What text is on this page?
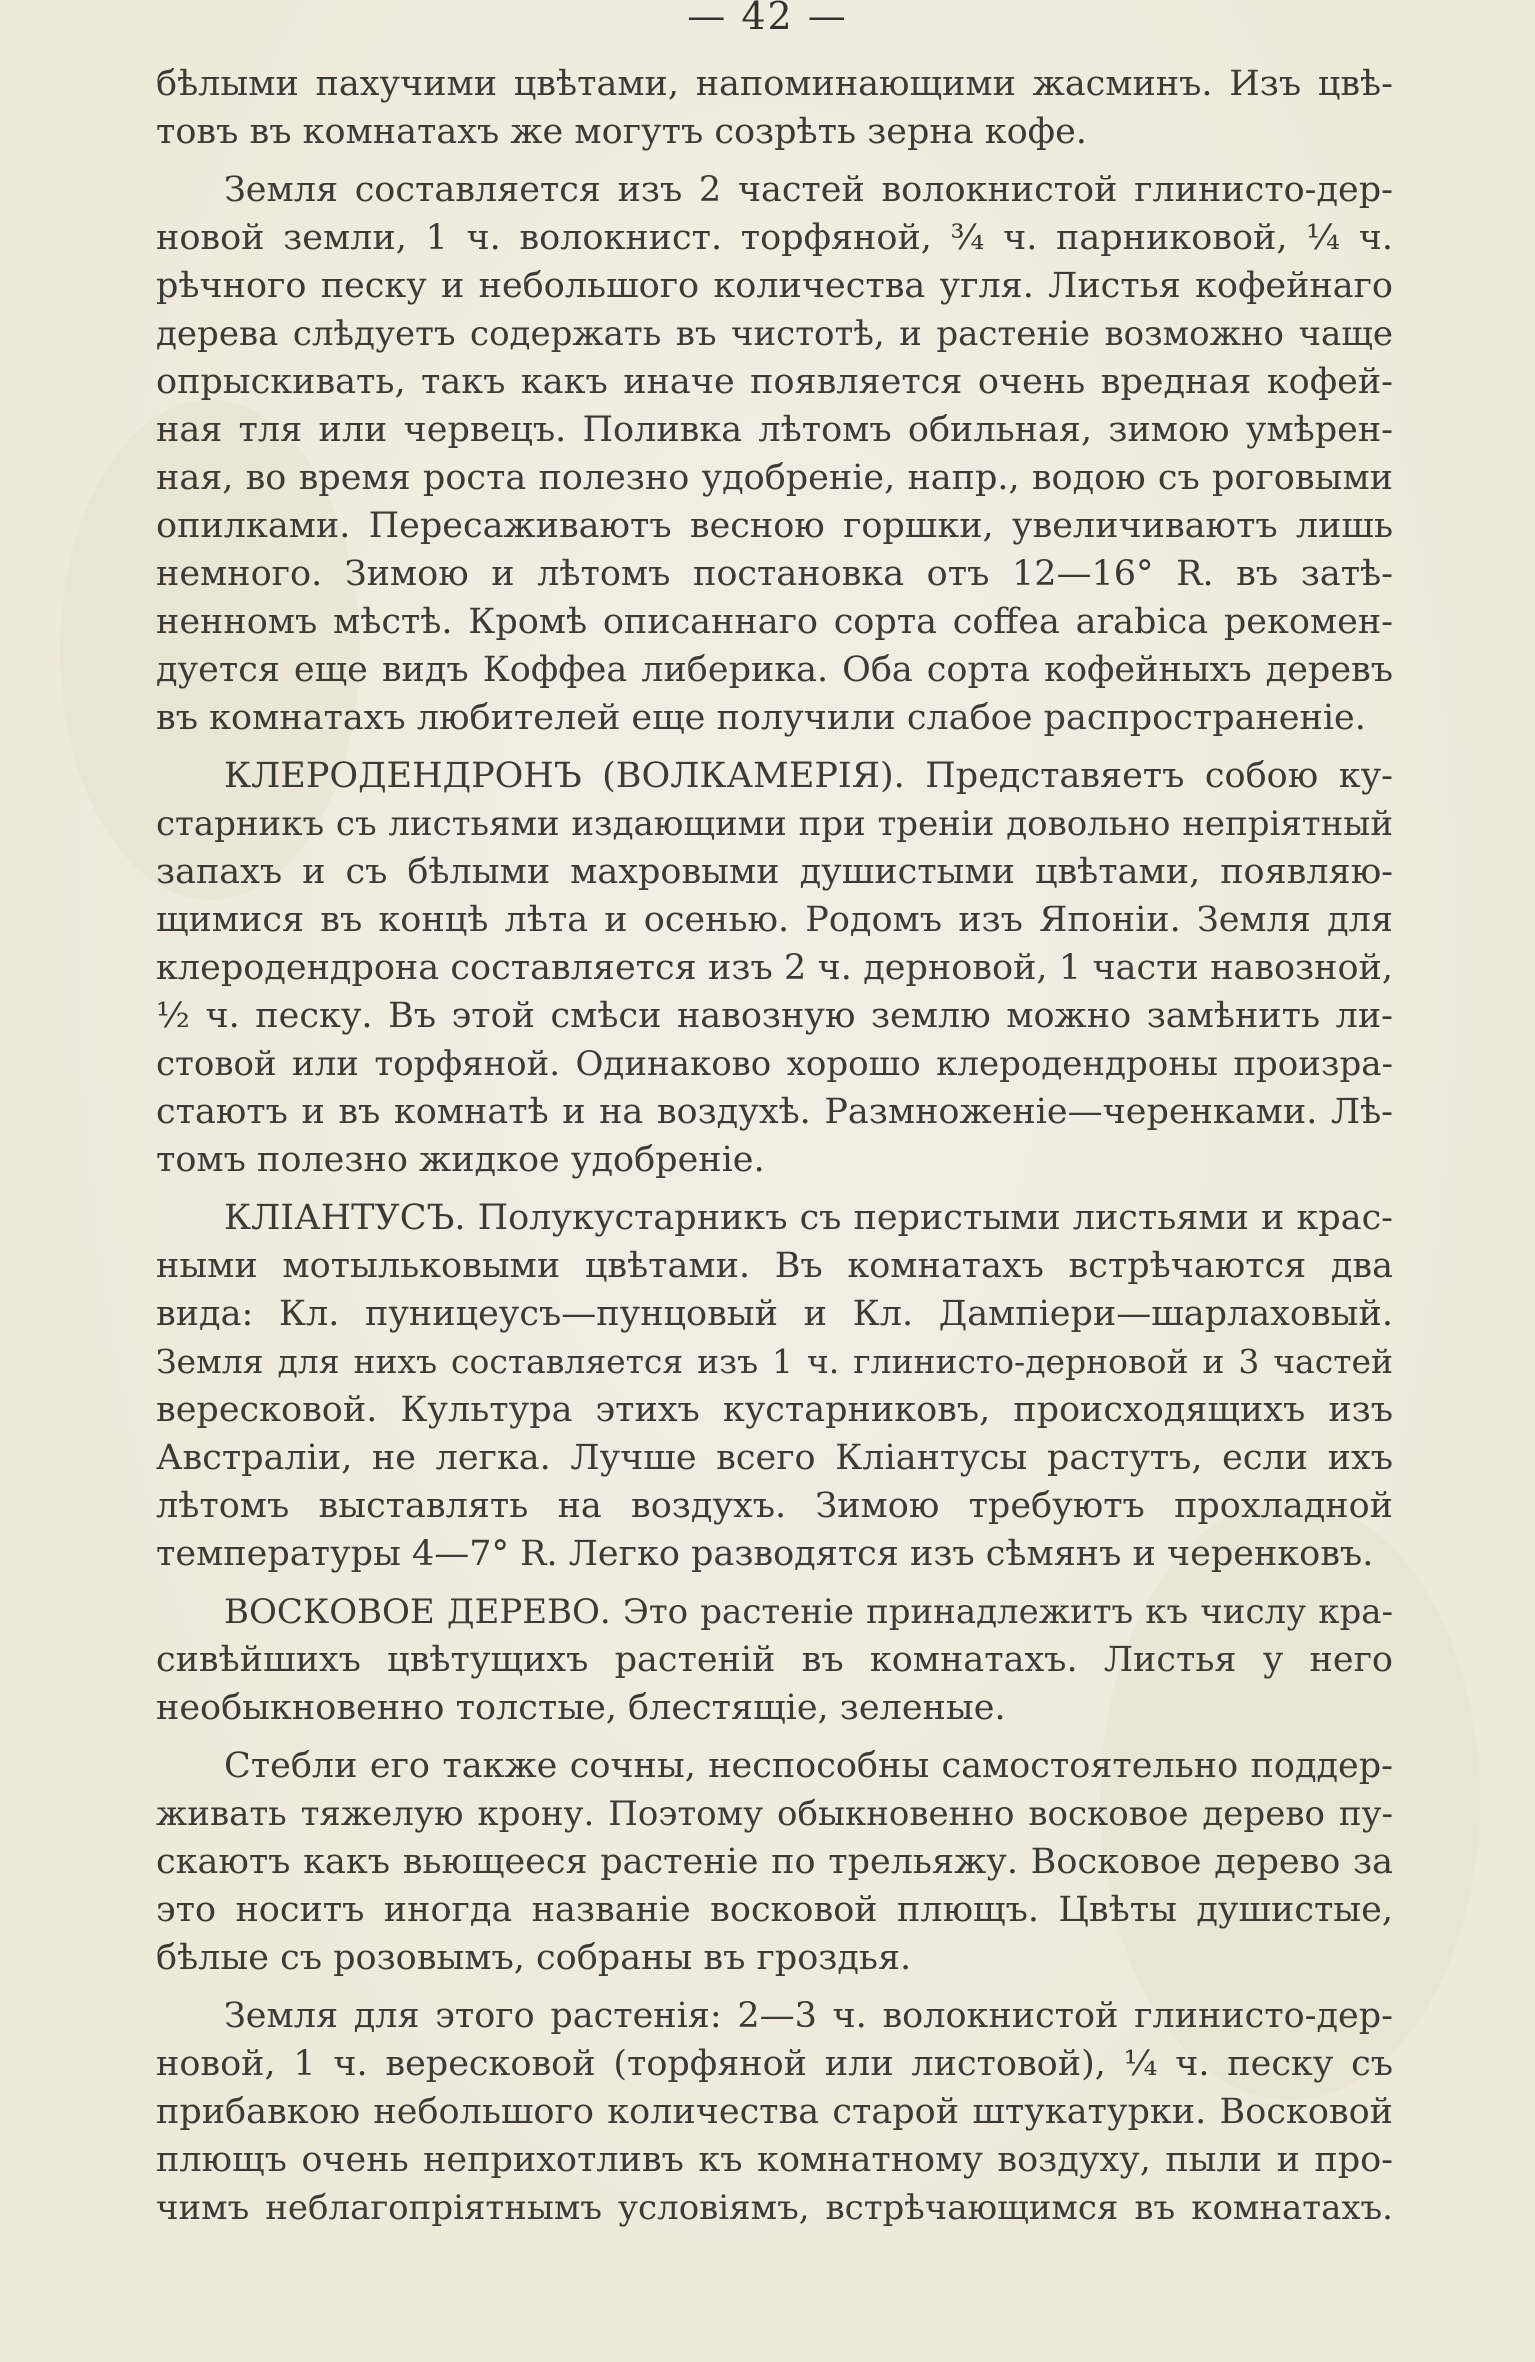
— 42 —
бѣлыми пахучими цвѣтами, напоминающими жасминъ. Изъ цвѣ-
товъ въ комнатахъ же могутъ созрѣть зерна кофе.
Земля составляется изъ 2 частей волокнистой глинисто-дер-
новой земли, 1 ч. волокнист. торфяной, ¾ ч. парниковой, ¼ ч.
рѣчного песку и небольшого количества угля. Листья кофейнаго
дерева слѣдуетъ содержать въ чистотѣ, и растеніе возможно чаще
опрыскивать, такъ какъ иначе появляется очень вредная кофей-
ная тля или червецъ. Поливка лѣтомъ обильная, зимою умѣрен-
ная, во время роста полезно удобреніе, напр., водою съ роговыми
опилками. Пересаживаютъ весною горшки, увеличиваютъ лишь
немного. Зимою и лѣтомъ постановка отъ 12—16° R. въ затѣ-
ненномъ мѣстѣ. Кромѣ описаннаго сорта coffea arabica рекомен-
дуется еще видъ Коффеа либерика. Оба сорта кофейныхъ деревъ
въ комнатахъ любителей еще получили слабое распространеніе.
КЛЕРОДЕНДРОНЪ (ВОЛКАМЕРІЯ). Представяетъ собою ку-
старникъ съ листьями издающими при треніи довольно непріятный
запахъ и съ бѣлыми махровыми душистыми цвѣтами, появляю-
щимися въ концѣ лѣта и осенью. Родомъ изъ Японіи. Земля для
клеродендрона составляется изъ 2 ч. дерновой, 1 части навозной,
½ ч. песку. Въ этой смѣси навозную землю можно замѣнить ли-
стовой или торфяной. Одинаково хорошо клеродендроны произра-
стаютъ и въ комнатѣ и на воздухѣ. Размноженіе—черенками. Лѣ-
томъ полезно жидкое удобреніе.
КЛІАНТУСЪ. Полукустарникъ съ перистыми листьями и крас-
ными мотыльковыми цвѣтами. Въ комнатахъ встрѣчаются два
вида: Кл. пуницеусъ—пунцовый и Кл. Дампіери—шарлаховый.
Земля для нихъ составляется изъ 1 ч. глинисто-дерновой и 3 частей
вересковой. Культура этихъ кустарниковъ, происходящихъ изъ
Австраліи, не легка. Лучше всего Кліантусы растутъ, если ихъ
лѣтомъ выставлять на воздухъ. Зимою требуютъ прохладной
температуры 4—7° R. Легко разводятся изъ сѣмянъ и черенковъ.
ВОСКОВОЕ ДЕРЕВО. Это растеніе принадлежитъ къ числу кра-
сивѣйшихъ цвѣтущихъ растеній въ комнатахъ. Листья у него
необыкновенно толстые, блестящіе, зеленые.
Стебли его также сочны, неспособны самостоятельно поддер-
живать тяжелую крону. Поэтому обыкновенно восковое дерево пу-
скаютъ какъ вьющееся растеніе по трельяжу. Восковое дерево за
это носитъ иногда названіе восковой плющъ. Цвѣты душистые,
бѣлые съ розовымъ, собраны въ гроздья.
Земля для этого растенія: 2—3 ч. волокнистой глинисто-дер-
новой, 1 ч. вересковой (торфяной или листовой), ¼ ч. песку съ
прибавкою небольшого количества старой штукатурки. Восковой
плющъ очень неприхотливъ къ комнатному воздуху, пыли и про-
чимъ неблагопріятнымъ условіямъ, встрѣчающимся въ комнатахъ.
